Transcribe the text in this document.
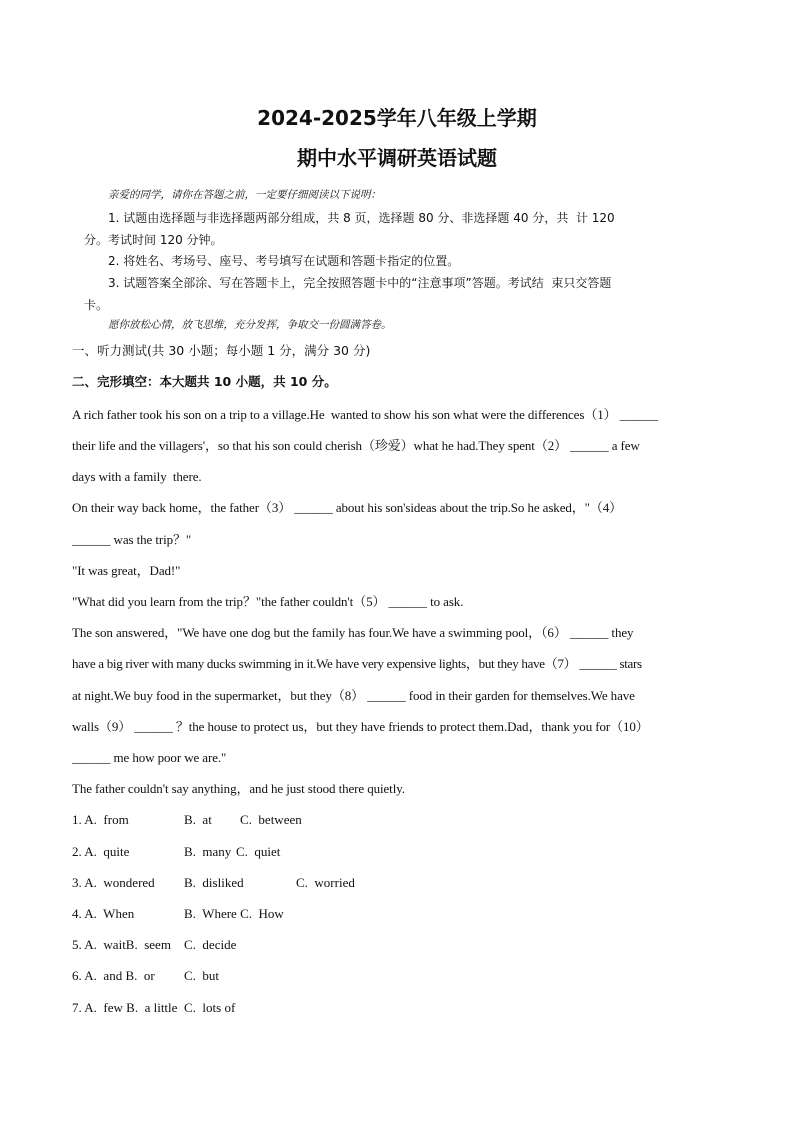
2024-2025学年八年级上学期
期中水平调研英语试题
亲爱的同学，请你在答题之前，一定要仔细阅读以下说明：
1. 试题由选择题与非选择题两部分组成，共 8 页，选择题 80 分、非选择题 40 分，共  计 120
分。考试时间 120 分钟。
2. 将姓名、考场号、座号、考号填写在试题和答题卡指定的位置。
3. 试题答案全部涂、写在答题卡上，完全按照答题卡中的“注意事项”答题。考试结  束只交答题
卡。
愿你放松心情，放飞思维，充分发挥，争取交一份圆满答卷。
一、听力测试(共 30 小题；每小题 1 分，满分 30 分)
二、完形填空：本大题共 10 小题，共 10 分。
A rich father took his son on a trip to a village.He  wanted to show his son what were the differences（1） ______
their life and the villagers'，so that his son could cherish（珍爱）what he had.They spent（2） ______ a few
days with a family  there.
On their way back home，the father（3） ______ about his son'sideas about the trip.So he asked，"（4）
______ was the trip？"
"It was great，Dad!"
"What did you learn from the trip？"the father couldn't（5） ______ to ask.
The son answered，"We have one dog but the family has four.We have a swimming pool，（6） ______ they
have a big river with many ducks swimming in it.We have very expensive lights，but they have（7） ______ stars
at night.We buy food in the supermarket，but they（8） ______ food in their garden for themselves.We have
walls（9） ______ ？the house to protect us，but they have friends to protect them.Dad，thank you for（10）
______ me how poor we are."
The father couldn't say anything，and he just stood there quietly.
1. A.  from	B.  at C.  between
2. A.  quite	B.  many C.  quiet
3. A.  wondered B.  disliked	C.  worried
4. A.  When	B.  Where C.  How
5. A.  waitB.  seem C.  decide
6. A.  and B.  or C.  but
7. A.  few B.  a little C.  lots of
